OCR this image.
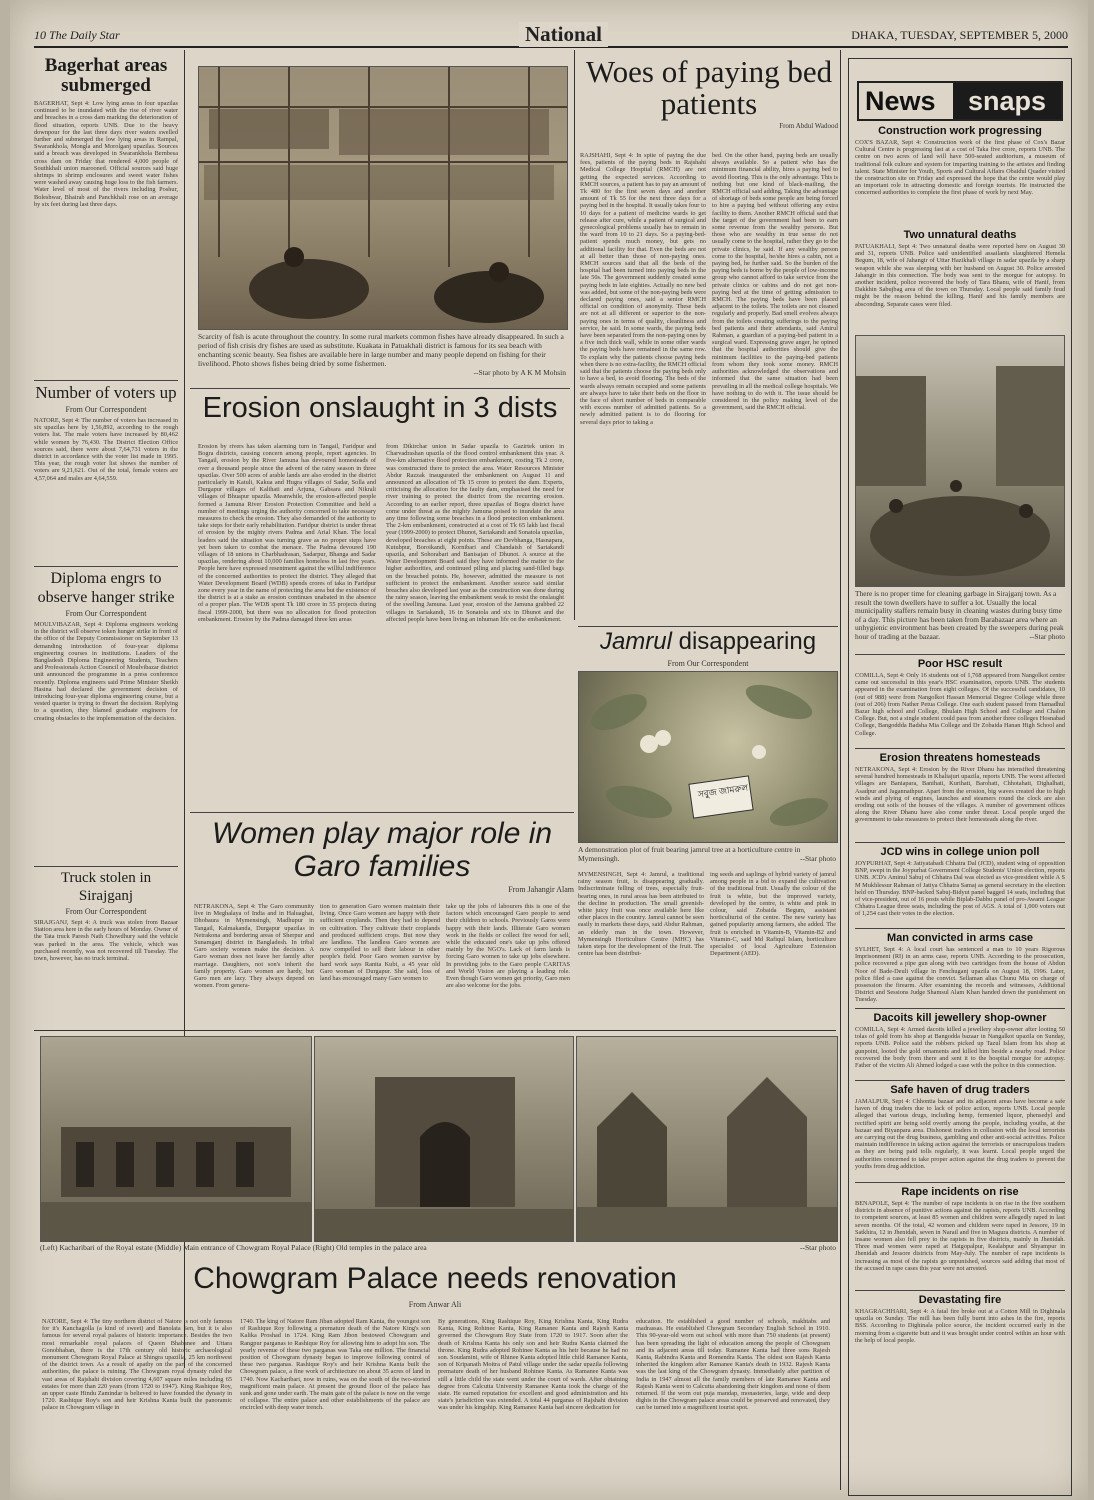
10 The Daily Star	National	DHAKA, TUESDAY, SEPTEMBER 5, 2000
Bagerhat areas submerged
BAGERHAT, Sept 4: Low lying areas in four upazilas continued to be inundated with the rise of river water and breaches in a cross dam marking the deterioration of flood situation, reports UNB. Due to the heavy downpour for the last three days river waters swelled further and submerged the low lying areas in Rampal, Swarankhola, Mongla and Morolganj upazilas. Sources said a breach was developed in Swarankhola Bernbesa cross dam on Friday that rendered 4,000 people of Southkhali union marooned. Official sources said huge shrimps in shrimp enclosures and sweet water fishes were washed away causing huge loss to the fish farmers. Water level of most of the rivers including Poshur, Boleshwar, Bhairab and Panchkhali rose on an average by six feet during last three days.
Number of voters up
From Our Correspondent
NATORE, Sept 4: The number of voters has increased in six upazilas here by 1,56,892, according to the rough voters list. The male voters have increased by 80,462 while women by 76,430. The District Election Office sources said, there were about 7,64,731 voters in the district in accordance with the voter list made in 1995. This year, the rough voter list shows the number of voters are 9,21,621. Out of the total, female voters are 4,57,064 and males are 4,64,559.
Diploma engrs to observe hanger strike
From Our Correspondent
MOULVIBAZAR, Sept 4: Diploma engineers working in the district will observe token hunger strike in front of the office of the Deputy Commissioner on September 13 demanding introduction of four-year diploma engineering courses in institutions. Leaders of the Bangladesh Diploma Engineering Students, Teachers and Professionals Action Council of Moulvibazar district unit announced the programme in a press conference recently. Diploma engineers said Prime Minister Sheikh Hasina had declared the government decision of introducing four-year diploma engineering course, but a vested quarter is trying to thwart the decision. Replying to a question, they blamed graduate engineers for creating obstacles to the implementation of the decision.
Truck stolen in Sirajganj
From Our Correspondent
SIRAJGANJ, Sept 4: A truck was stolen from Bazaar Station area here in the early hours of Monday. Owner of the Tata truck Paresh Nath Chowdhury said the vehicle was parked in the area. The vehicle, which was purchased recently, was not recovered till Tuesday. The town, however, has no truck terminal.
Scarcity of fish is acute throughout the country. In some rural markets common fishes have already disappeared. In such a period of fish crisis dry fishes are used as substitute. Kuakata in Patuakhali district is famous for its sea beach with enchanting scenic beauty. Sea fishes are available here in large number and many people depend on fishing for their livelihood. Photo shows fishes being dried by some fishermen.
--Star photo by A K M Mohsin
Erosion onslaught in 3 dists
Erosion by rivers has taken alarming turn in Tangail, Faridpur and Bogra districts, causing concern among people, report agencies. In Tangail, erosion by the River Jamuna has devoured homesteads of over a thousand people since the advent of the rainy season in three upazilas. Over 500 acres of arable lands are also eroded in the district particularly in Katuli, Kakua and Hugra villages of Sadar, Solla and Durgapur villages of Kalihati and Arjuna, Gabsara and Nikrali villages of Bhuapur upazila. Meanwhile, the erosion-affected people formed a Jamuna River Erosion Protection Committee and held a number of meetings urging the authority concerned to take necessary measures to check the erosion. They also demanded of the authority to take steps for their early rehabilitation. Faridpur district is under threat of erosion by the mighty rivers Padma and Arial Khan. The local leaders said the situation was turning grave as no proper steps have yet been taken to combat the menace. The Padma devoured 190 villages of 18 unions in Charbhadrasan, Sadarpur, Bhanga and Sadar upazilas, rendering about 10,000 families homeless in last five years. People here have expressed resentment against the willful indifference of the concerned authorities to protect the district. They alleged that Water Development Board (WDB) spends crores of taka in Faridpur zone every year in the name of protecting the area but the existence of the district is at a stake as erosion continues unabated in the absence of a proper plan. The WDB spent Tk 180 crore in 55 projects during fiscal 1999-2000, but there was no allocation for flood protection embankment. Erosion by the Padma damaged three km areas
from Dikirchar union in Sadar upazila to Gazirtek union in Charvadrashan upazila of the flood control embankment this year. A five-km alternative flood protection embankment, costing Tk 2 crore, was constructed there to protect the area. Water Resources Minister Abdur Razzak inaugurated the embankment on August 11 and announced an allocation of Tk 15 crore to protect the dam. Experts, criticising the allocation for the faulty dam, emphasised the need for river training to protect the district from the recurring erosion. According to an earlier report, three upazilas of Bogra district have come under threat as the mighty Jamuna poised to inundate the area any time following some breaches in a flood protection embankment. The 2-km embankment, constructed at a cost of Tk 65 lakh last fiscal year (1999-2000) to protect Dhunot, Sariakandi and Sonatola upazilas, developed breaches at eight points. These are Devbhanga, Hasnapara, Kutubpur, Boroikandi, Kornibari and Chandaish of Sariakandi upazila, and Sohorabari and Banisajan of Dhunot. A source at the Water Development Board said they have informed the matter to the higher authorities, and continued piling and placing sand-filled bags on the breached points. He, however, admitted the measure is not sufficient to protect the embankment. Another source said similar breaches also developed last year as the construction was done during the rainy season, leaving the embankment weak to resist the onslaught of the swelling Jamuna. Last year, erosion of the Jamuna grabbed 22 villages in Sariakandi, 16 in Sonatola and six in Dhunot and the affected people have been living an inhuman life on the embankment.
Woes of paying bed patients
From Abdul Wadood
RAJSHAHI, Sept 4: In spite of paying the due fees, patients of the paying beds in Rajshahi Medical College Hospital (RMCH) are not getting the expected services. According to RMCH sources, a patient has to pay an amount of Tk 480 for the first seven days and another amount of Tk 55 for the next three days for a paying bed in the hospital. It usually takes four to 10 days for a patient of medicine wards to get release after cure, while a patient of surgical and gynecological problems usually has to remain in the ward from 10 to 21 days. So a paying-bed-patient spends much money, but gets no additional facility for that. Even the beds are not at all better than those of non-paying ones. RMCH sources said that all the beds of the hospital had been turned into paying beds in the late 50s. The government suddenly created some paying beds in late eighties. Actually no new bed was added, but some of the non-paying beds were declared paying ones, said a senior RMCH official on condition of anonymity. These beds are not at all different or superior to the non-paying ones in terms of quality, cleanliness and service, he said. In some wards, the paying beds have been separated from the non-paying ones by a five inch thick wall, while in some other wards the paying beds have remained in the same row. To explain why the patients choose paying beds when there is no extra-facility, the RMCH official said that the patients choose the paying beds only to have a bed, to avoid flooring. The beds of the wards always remain occupied and some patients are always have to take their beds on the floor in the face of short number of beds in comparable with excess number of admitted patients. So a newly admitted patient is to do flooring for several days prior to taking a
bed. On the other hand, paying beds are usually always available. So a patient who has the minimum financial ability, hires a paying bed to avoid flooring. This is the only advantage. This is nothing but one kind of black-mailing, the RMCH official said adding, Taking the advantage of shortage of beds some people are being forced to hire a paying bed without offering any extra facility to them. Another RMCH official said that the target of the government had been to earn some revenue from the wealthy persons. But those who are wealthy in true sense do not usually come to the hospital, rather they go to the private clinics, he said. If any wealthy person come to the hospital, he/she hires a cabin, not a paying bed, he further said. So the burden of the paying beds is borne by the people of low-income group who cannot afford to take service from the private clinics or cabins and do not get non-paying bed at the time of getting admission to RMCH. The paying beds have been placed adjacent to the toilets. The toilets are not cleaned regularly and properly. Bad smell evolves always from the toilets creating sufferings to the paying bed patients and their attendants, said Amirul Rahman, a guardian of a paying-bed patient in a surgical ward. Expressing grave anger, he opined that the hospital authorities should give the minimum facilities to the paying-bed patients from whom they took some money. RMCH authorities acknowledged the observations and informed that the same situation had been prevailing in all the medical college hospitals. We have nothing to do with it. The issue should be considered in the policy making level of the government, said the RMCH official.
Jamrul disappearing
From Our Correspondent
সবুজ জামরুল
A demonstration plot of fruit bearing jamrul tree at a horticulture centre in Mymensingh.	--Star photo
MYMENSINGH, Sept 4: Jamrul, a traditional rainy season fruit, is disappearing gradually. Indiscriminate felling of trees, especially fruit-bearing ones, in rural areas has been attributed to the decline in production. The small greenish-white juicy fruit was once available here like other places in the country. Jamrul cannot be seen easily in markets these days, said Abdur Rahman, an elderly man in the town. However, Mymensingh Horticulture Centre (MHC) has taken steps for the development of the fruit. The centre has been distribut-
ing seeds and saplings of hybrid variety of jamrul among people in a bid to expand the cultivation of the traditional fruit. Usually the colour of the fruit is white, but the improved variety, developed by the centre, is white and pink in colour, said Zobaida Begum, assistant horticulturist of the centre. The new variety has gained popularity among farmers, she added. The fruit is enriched in Vitamin-B, Vitamin-B2 and Vitamin-C, said Md Rafiqul Islam, horticulture specialist of local Agriculture Extension Department (AED).
Women play major role in Garo families
From Jahangir Alam
NETRAKONA, Sept 4: The Garo community live in Meghalaya of India and in Haluaghat, Dhobaura in Mymensingh, Madhupur in Tangail, Kalmakanda, Durgapur upazilas in Netrakona and bordering areas of Sherpur and Sunamganj district in Bangladesh. In tribal Garo society women make the decision. A Garo woman does not leave her family after marriage. Daughters, not son's inherit the family property. Garo women are hardy, but Garo men are lazy. They always depend on women. From genera-
tion to generation Garo women maintain their living. Once Garo women are happy with their sufficient croplands. Then they had to depend on cultivation. They cultivate their croplands and produced sufficient crops. But now they are landless. The landless Garo women are now compelled to sell their labour in other people's field. Poor Garo women survive by hard work says Ranita Kubi, a 45 year old Garo woman of Durgapur. She said, loss of land has encouraged many Garo women to
take up the jobs of labourers this is one of the factors which encouraged Garo people to send their children to schools. Previously Garos were happy with their lands. Illiterate Garo women work in the fields or collect fire wood for sell, while the educated one's take up jobs offered mainly by the NGO's. Lack of farm lands is forcing Garo women to take up jobs elsewhere. In providing jobs to the Garo people CARITAS and World Vision are playing a leading role. Even though Garo women get priority, Garo men are also welcome for the jobs.
(Left) Kacharibari of the Royal estate (Middle) Main entrance of Chowgram Royal Palace (Right) Old temples in the palace area	--Star photo
Chowgram Palace needs renovation
From Anwar Ali
NATORE, Sept 4: The tiny northern district of Natore is not only famous for it's Kanchagolla (a kind of sweet) and Banolata Sen, but it is also famous for several royal palaces of historic importance. Besides the two most remarkable royal palaces of Queen Bhabanee and Uttara Gonobhaban, there is the 17th century old historic archaeological monument Chowgram Royal Palace at Shingra upazilla, 25 km northwest of the district town. As a result of apathy on the part of the concerned authorities, the palace is ruining. The Chowgram royal dynasty ruled the vast areas of Rajshahi division covering 4,607 square miles including 65 estates for more than 220 years (from 1720 to 1947). King Rashique Roy, an upper caste Hindu Zamindar is believed to have founded the dynasty in 1720. Rashique Roy's son and heir Krishna Kanta built the panoramic palace in Chowgram village in
1740. The king of Natore Ram Jiban adopted Ram Kanta, the youngest son of Rashique Roy following a premature death of the Natore King's son Kalika Proshad in 1724. King Ram Jibon bestowed Chowgram and Rangpur parganas to Rashique Roy for allowing him to adopt his son. The yearly revenue of these two parganas was Taka one million. The financial position of Chowgram dynasty began to improve following control of these two parganas. Rashique Roy's and heir Krishna Kanta built the Chowgram palace, a fine work of architecture on about 35 acres of land in 1740. Now Kacharibari, now in ruins, was on the south of the two-storied magnificent main palace. At present the ground floor of the palace has sunk and gone under earth. The main gate of the palace is now on the verge of collapse. The entire palace and other establishments of the palace are encircled with deep water trench.
By generations, King Rashique Roy, King Krishna Kanta, King Rudra Kanta, King Rohinee Kanta, King Ramanee Kanta and Rajesh Kanta governed the Chowgram Roy State from 1720 to 1917. Soon after the death of Krishna Kanta his only son and heir Rudra Kanta claimed the throne. King Rudra adopted Rohinee Kanta as his heir because he had no son. Soudamini, wife of Rhinee Kanta adopted little child Ramanee Kanta, son of Kripanath Moitra of Patul village under the sadar upazila following premature death of her husband Rohinee Kanta. As Ramanee Kanta was still a little child the state went under the court of wards. After obtaining degree from Calcutta University Ramanee Kanta took the charge of the state. He earned reputation for excellent and good administration and his state's jurisdiction was extended. A total 44 parganas of Rajshahi division was under his kingship. King Ramanee Kanta had sincere dedication for
education. He established a good number of schools, makhtabs and madrassas. He established Chowgram Secondary English School in 1910. This 90-year-old worn out school with more than 750 students (at present) has been spreading the light of education among the people of Chowgram and its adjacent areas till today. Ramanee Kanta had three sons Rajesh Kanta, Rabindra Kanta and Romendra Kanta. The oldest son Rajesh Kanta inherited the kingdom after Ramanee Kanta's death in 1932. Rajesh Kanta was the last king of the Chowgram dynasty. Immediately after partition of India in 1947 almost all the family members of late Ramanee Kanta and Rajesh Kanta went to Calcutta abandoning their kingdom and none of them returned. If the worn out puja mandap, monasteries, large, wide and deep dighis in the Chowgram palace areas could be preserved and renovated, they can be turned into a magnificent tourist spot.
News	snaps
Construction work progressing
COX'S BAZAR, Sept 4: Construction work of the first phase of Cox's Bazar Cultural Centre is progressing fast at a cost of Taka five crore, reports UNB. The centre on two acres of land will have 500-seated auditorium, a museum of traditional folk culture and system for imparting training to the artistes and finding talent. State Minister for Youth, Sports and Cultural Affairs Obaidul Quader visited the construction site on Friday and expressed the hope that the centre would play an important role in attracting domestic and foreign tourists. He instructed the concerned authorities to complete the first phase of work by next May.
Two unnatural deaths
PATUAKHALI, Sept 4: Two unnatural deaths were reported here on August 30 and 31, reports UNB. Police said unidentified assailants slaughtered Hemela Begum, 18, wife of Jahangir of Uttar Hazikhali village in sadar upazila by a sharp weapon while she was sleeping with her husband on August 30. Police arrested Jahangir in this connection. The body was sent to the morgue for autopsy. In another incident, police recovered the body of Tara Bhanu, wife of Hanif, from Dakkhin Sabujbag area of the town on Thursday. Local people said family feud might be the reason behind the killing. Hanif and his family members are absconding. Separate cases were filed.
There is no proper time for cleaning garbage in Sirajganj town. As a result the town dwellers have to suffer a lot. Usually the local municipality staffers remain busy in cleaning wastes during busy time of a day. This picture has been taken from Barabazaar area where an unhygienic environment has been created by the sweepers during peak hour of trading at the bazaar.	--Star photo
Poor HSC result
COMILLA, Sept 4: Only 16 students out of 1,768 appeared from Nangolkot centre came out successful in this year's HSC examination, reports UNB. The students appeared in the examination from eight colleges. Of the successful candidates, 10 (out of 988) were from Nangolkot Hassan Memorial Degree College while three (out of 206) from Nather Petua College. One each student passed from Hamadhul Bazar high school and College, Bhulain High School and College and Chalon College. But, not a single student could pass from another three colleges Hosnabad College, Bangoddda Badsha Mia College and Dr Zobaida Hanan High School and College.
Erosion threatens homesteads
NETRAKONA, Sept 4: Erosion by the River Dhanu has intensified threatening several hundred homesteads in Khaliajuri upazila, reports UNB. The worst affected villages are Baniapara, Banihati, Kurihati, Barohati, Chhotahati, Dighalhati, Asadpur and Jagannathpur. Apart from the erosion, big waves created due to high winds and plying of engines, launches and steamers round the clock are also eroding out soils of the houses of the villages. A number of government offices along the River Dhanu have also come under threat. Local people urged the government to take measures to protect their homesteads along the river.
JCD wins in college union poll
JOYPURHAT, Sept 4: Jatiyatabadi Chhatra Dal (JCD), student wing of opposition BNP, swept in the Joypurhat Government College Students' Union election, reports UNB. JCD's Aminul Sabuj of Chhatra Dal was elected as vice-president while A S M Mukhlessur Rahman of Jatiya Chhatra Samaj as general secretary in the election held on Thursday. BNP-backed Sabuj-Bidyut panel bagged 14 seats, including that of vice-president, out of 16 posts while Biplab-Dabbu panel of pro-Awami League Chhatra League three seats, including the post of AGS. A total of 1,000 voters out of 1,254 cast their votes in the election.
Man convicted in arms case
SYLHET, Sept 4: A local court has sentenced a man to 10 years Rigorous Imprisonment (RI) in an arms case, reports UNB. According to the prosecution, police recovered a pipe gun along with two cartridges from the house of Abdun Noor of Bade-Deuli village in Fenchuganj upazila on August 18, 1996. Later, police filed a case against the convict. Sellaman alias Chunu Mia on charge of possession the firearm. After examining the records and witnesses, Additional District and Sessions Judge Shamsul Alam Khan handed down the punishment on Tuesday.
Dacoits kill jewellery shop-owner
COMILLA, Sept 4: Armed dacoits killed a jewellery shop-owner after looting 50 tolas of gold from his shop at Bangodda bazaar in Nangalkot upazila on Sunday, reports UNB. Police said the robbers picked up Tazul Islam from his shop at gunpoint, looted the gold ornaments and killed him beside a nearby road. Police recovered the body from there and sent it to the hospital morgue for autopsy. Father of the victim Ali Ahmed lodged a case with the police in this connection.
Safe haven of drug traders
JAMALPUR, Sept 4: Chhontia bazaar and its adjacent areas have become a safe haven of drug traders due to lack of police action, reports UNB. Local people alleged that various drugs, including hemp, fermented liquor, phensedyl and rectified spirit are being sold overtly among the people, including youths, at the bazaar and Biyanpara area. Dishonest traders in collusion with the local terrorists are carrying out the drug business, gambling and other anti-social activities. Police maintain indifference in taking action against the terrorists or unscrupulous traders as they are being paid tolls regularly, it was learnt. Local people urged the authorities concerned to take proper action against the drug traders to prevent the youths from drug addiction.
Rape incidents on rise
BENAPOLE, Sept 4: The number of rape incidents is on rise in the five southern districts in absence of punitive actions against the rapists, reports UNB. According to competent sources, at least 85 women and children were allegedly raped in last seven months. Of the total, 42 women and children were raped in Jessore, 19 in Satkhira, 12 in Jhenidah, seven in Narail and five in Magura districts. A number of insane women also fell prey to the rapists in five districts, mainly in Jhenidah. Three mad women were raped at Hatgopalpur, Kealabpur and Shyampur in Jhenidah and Jessore districts from May-July. The number of rape incidents is increasing as most of the rapists go unpunished, sources said adding that most of the accused in rape cases this year were not arrested.
Devastating fire
KHAGRACHHARI, Sept 4: A fatal fire broke out at a Cotton Mill in Dighinala upazila on Sunday. The mill has been fully burnt into ashes in the fire, reports BSS. According to Dighinala police source, the incident occurred early in the morning from a cigarette butt and it was brought under control within an hour with the help of local people.
